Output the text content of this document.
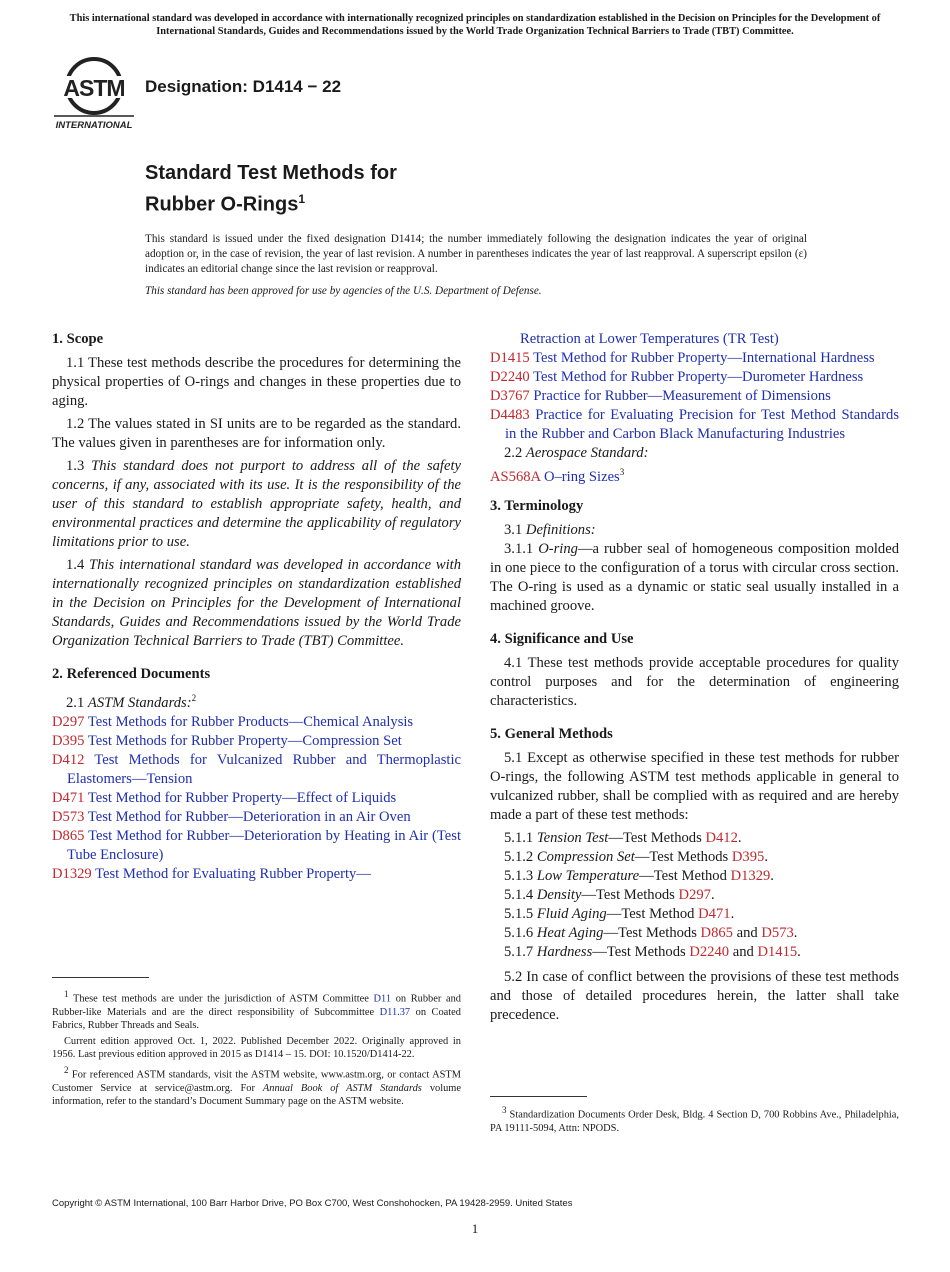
This international standard was developed in accordance with internationally recognized principles on standardization established in the Decision on Principles for the Development of International Standards, Guides and Recommendations issued by the World Trade Organization Technical Barriers to Trade (TBT) Committee.
ASTM
INTERNATIONAL
Designation: D1414 − 22
Standard Test Methods for
Rubber O-Rings$^1$
This standard is issued under the fixed designation D1414; the number immediately following the designation indicates the year of original adoption or, in the case of revision, the year of last revision. A number in parentheses indicates the year of last reapproval. A superscript epsilon (ε) indicates an editorial change since the last revision or reapproval.
This standard has been approved for use by agencies of the U.S. Department of Defense.
1. Scope

1.1 These test methods describe the procedures for determining the physical properties of O-rings and changes in these properties due to aging.

1.2 The values stated in SI units are to be regarded as the standard. The values given in parentheses are for information only.

1.3 This standard does not purport to address all of the safety concerns, if any, associated with its use. It is the responsibility of the user of this standard to establish appropriate safety, health, and environmental practices and determine the applicability of regulatory limitations prior to use.

1.4 This international standard was developed in accordance with internationally recognized principles on standardization established in the Decision on Principles for the Development of International Standards, Guides and Recommendations issued by the World Trade Organization Technical Barriers to Trade (TBT) Committee.

2. Referenced Documents

2.1 ASTM Standards:$^2$

D297 Test Methods for Rubber Products—Chemical Analysis

D395 Test Methods for Rubber Property—Compression Set

D412 Test Methods for Vulcanized Rubber and Thermoplastic Elastomers—Tension

D471 Test Method for Rubber Property—Effect of Liquids

D573 Test Method for Rubber—Deterioration in an Air Oven

D865 Test Method for Rubber—Deterioration by Heating in Air (Test Tube Enclosure)

D1329 Test Method for Evaluating Rubber Property—

Retraction at Lower Temperatures (TR Test)

D1415 Test Method for Rubber Property—International Hardness

D2240 Test Method for Rubber Property—Durometer Hardness

D3767 Practice for Rubber—Measurement of Dimensions

D4483 Practice for Evaluating Precision for Test Method Standards in the Rubber and Carbon Black Manufacturing Industries

2.2 Aerospace Standard:

AS568A O–ring Sizes$^3$

3. Terminology

3.1 Definitions:

3.1.1 O-ring—a rubber seal of homogeneous composition molded in one piece to the configuration of a torus with circular cross section. The O-ring is used as a dynamic or static seal usually installed in a machined groove.

4. Significance and Use

4.1 These test methods provide acceptable procedures for quality control purposes and for the determination of engineering characteristics.

5. General Methods

5.1 Except as otherwise specified in these test methods for rubber O-rings, the following ASTM test methods applicable in general to vulcanized rubber, shall be complied with as required and are hereby made a part of these test methods:

5.1.1 Tension Test—Test Methods D412.

5.1.2 Compression Set—Test Methods D395.

5.1.3 Low Temperature—Test Method D1329.

5.1.4 Density—Test Methods D297.

5.1.5 Fluid Aging—Test Method D471.

5.1.6 Heat Aging—Test Methods D865 and D573.

5.1.7 Hardness—Test Methods D2240 and D1415.

5.2 In case of conflict between the provisions of these test methods and those of detailed procedures herein, the latter shall take precedence.

$^1$ These test methods are under the jurisdiction of ASTM Committee D11 on Rubber and Rubber-like Materials and are the direct responsibility of Subcommittee D11.37 on Coated Fabrics, Rubber Threads and Seals.

Current edition approved Oct. 1, 2022. Published December 2022. Originally approved in 1956. Last previous edition approved in 2015 as D1414 – 15. DOI: 10.1520/D1414-22.

$^2$ For referenced ASTM standards, visit the ASTM website, www.astm.org, or contact ASTM Customer Service at service@astm.org. For Annual Book of ASTM Standards volume information, refer to the standard’s Document Summary page on the ASTM website.

$^3$ Standardization Documents Order Desk, Bldg. 4 Section D, 700 Robbins Ave., Philadelphia, PA 19111-5094, Attn: NPODS.

Copyright © ASTM International, 100 Barr Harbor Drive, PO Box C700, West Conshohocken, PA 19428-2959. United States
1
